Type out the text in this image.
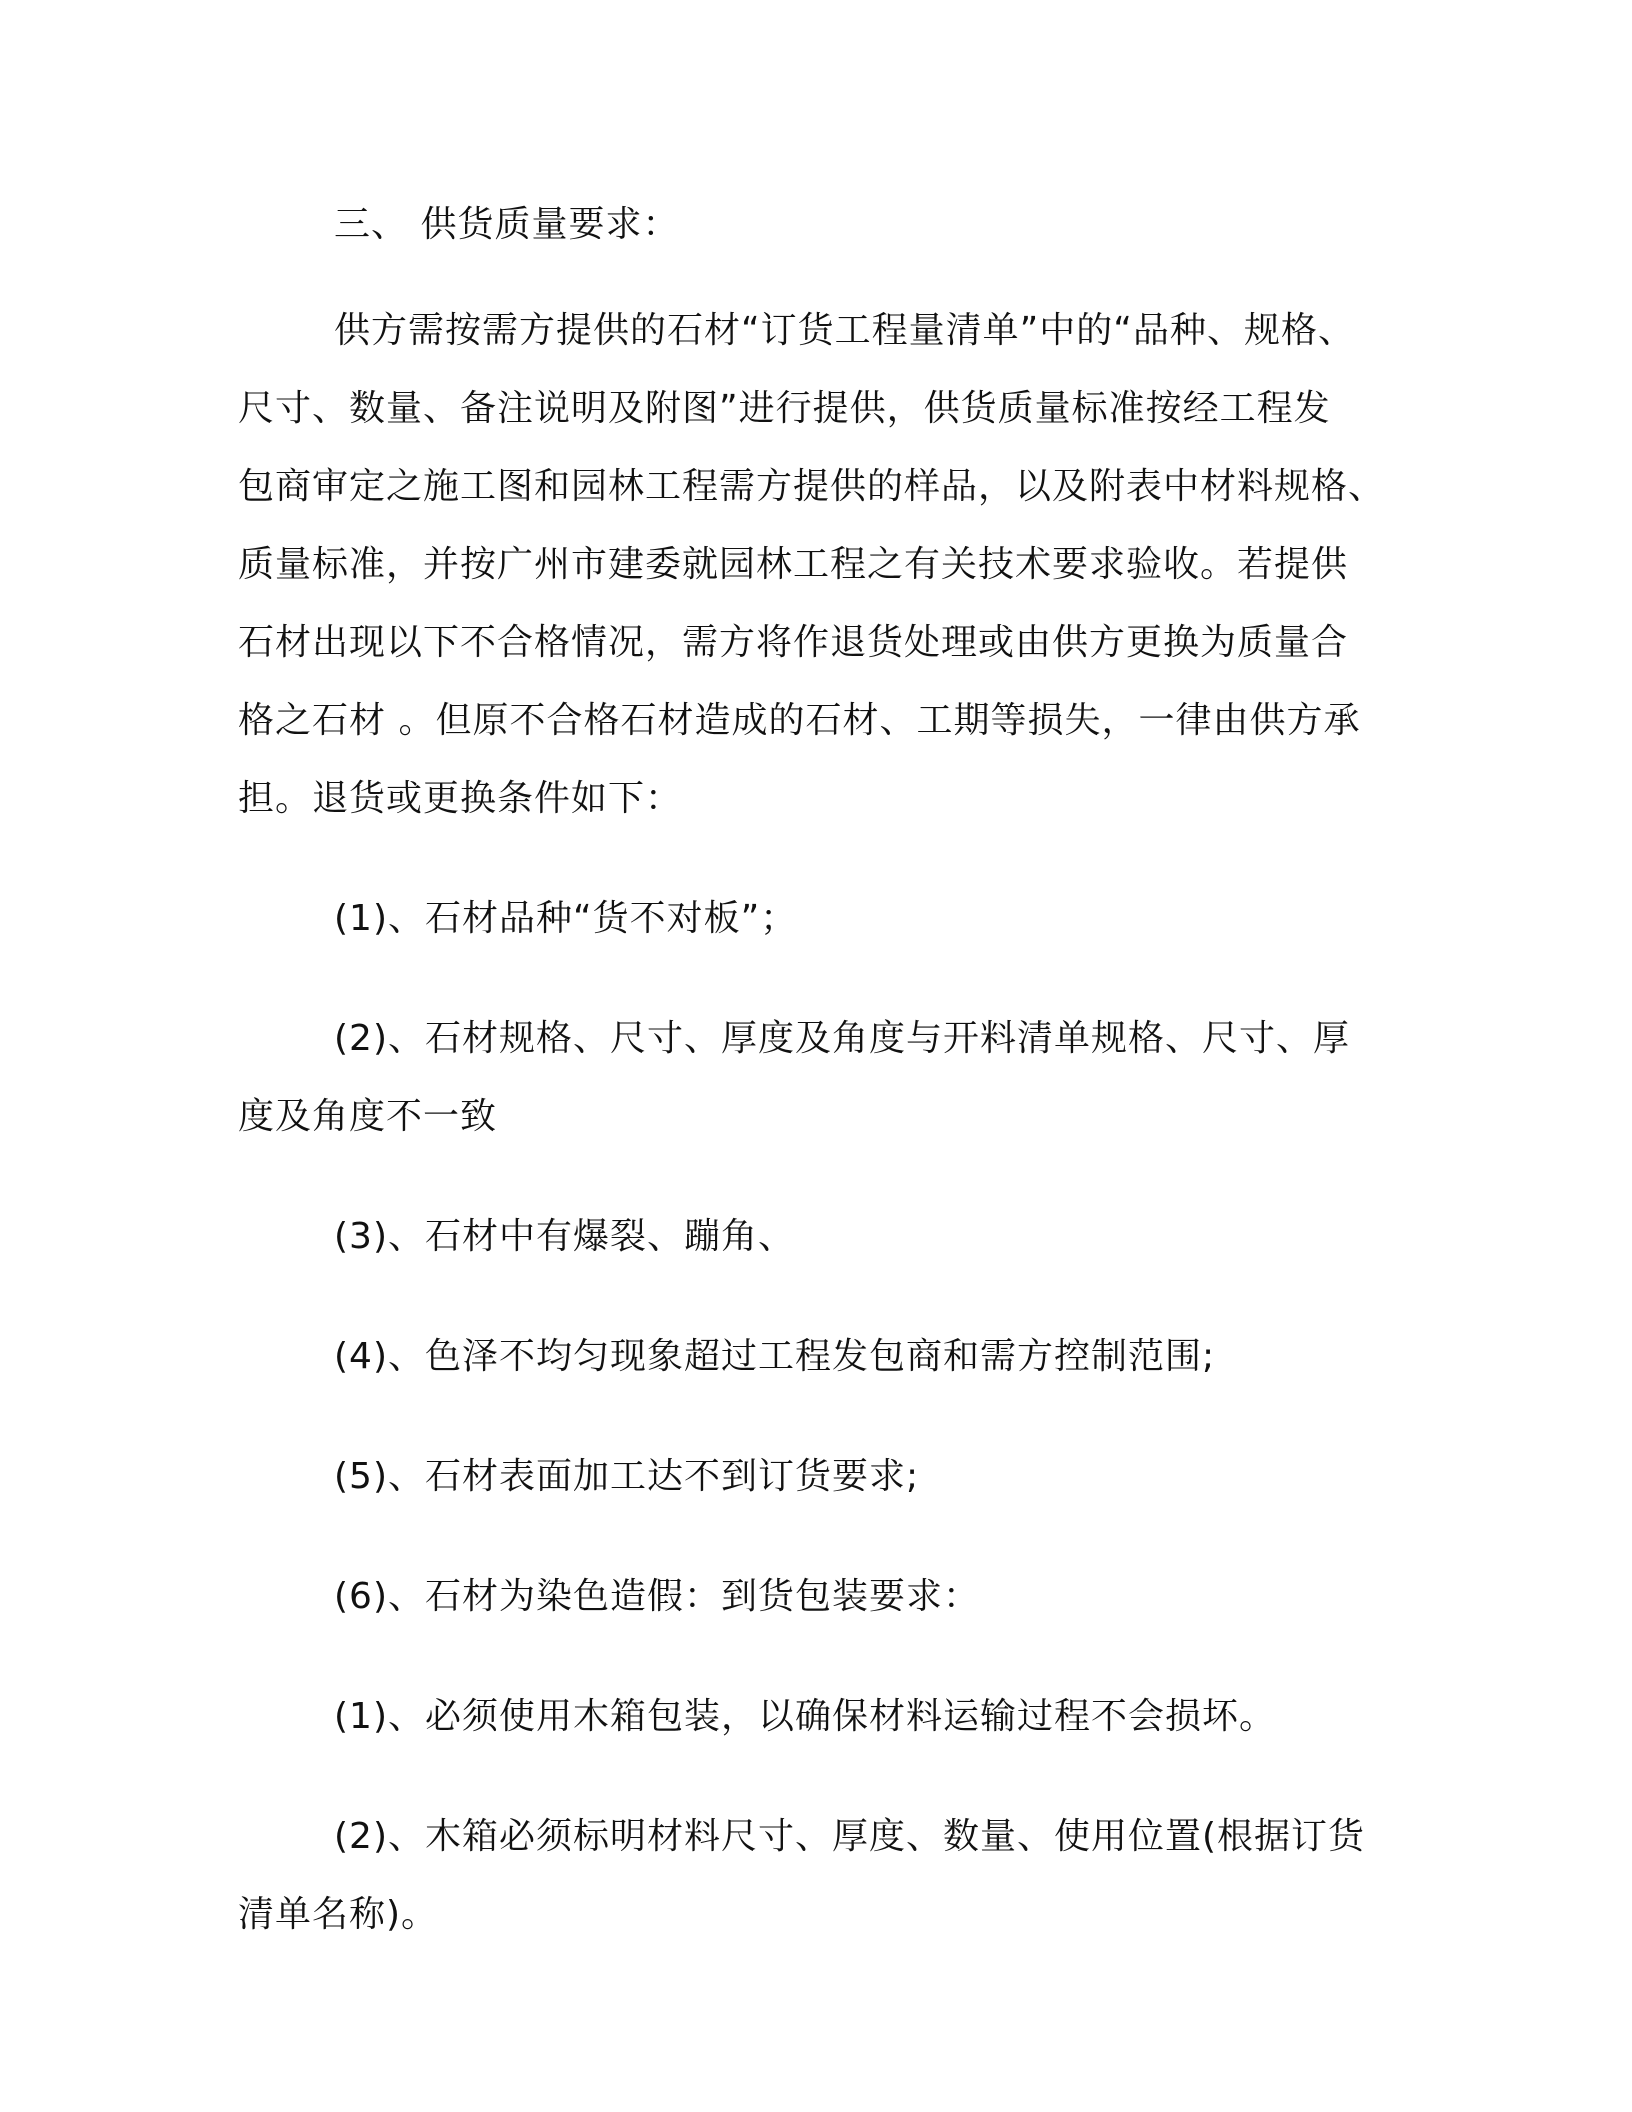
三、 供货质量要求：
供方需按需方提供的石材“订货工程量清单”中的“品种、规格、
尺寸、数量、备注说明及附图”进行提供，供货质量标准按经工程发
包商审定之施工图和园林工程需方提供的样品，以及附表中材料规格、
质量标准，并按广州市建委就园林工程之有关技术要求验收。若提供
石材出现以下不合格情况，需方将作退货处理或由供方更换为质量合
格之石材 。但原不合格石材造成的石材、工期等损失，一律由供方承
担。退货或更换条件如下：
(1)、石材品种“货不对板”；
(2)、石材规格、尺寸、厚度及角度与开料清单规格、尺寸、厚
度及角度不一致
(3)、石材中有爆裂、蹦角、
(4)、色泽不均匀现象超过工程发包商和需方控制范围;
(5)、石材表面加工达不到订货要求;
(6)、石材为染色造假：到货包装要求：
(1)、必须使用木箱包装，以确保材料运输过程不会损坏。
(2)、木箱必须标明材料尺寸、厚度、数量、使用位置(根据订货
清单名称)。
